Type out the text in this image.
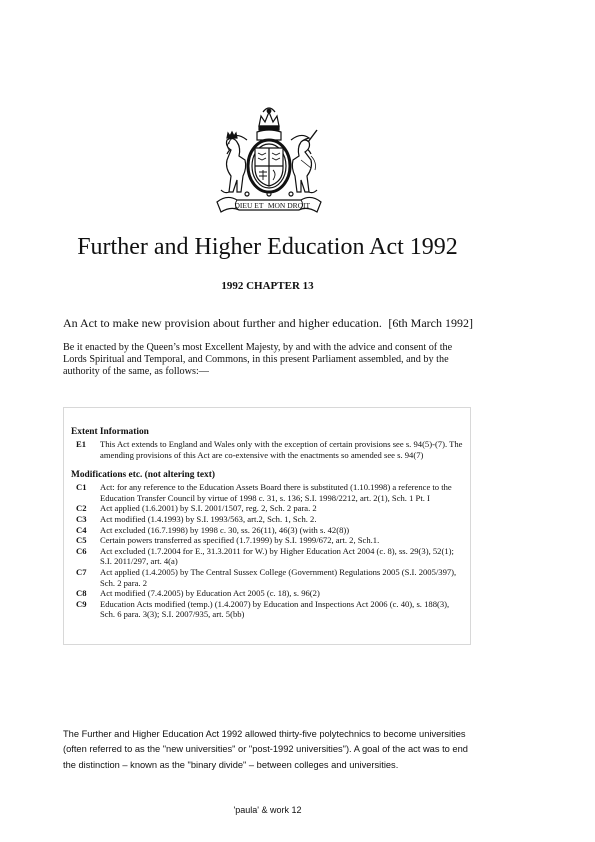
DIEU ET MON DROIT
Further and Higher Education Act 1992
1992 CHAPTER 13
An Act to make new provision about further and higher education. [6th March 1992]
Be it enacted by the Queen’s most Excellent Majesty, by and with the advice and consent of the Lords Spiritual and Temporal, and Commons, in this present Parliament assembled, and by the authority of the same, as follows:—
Extent Information
E1	This Act extends to England and Wales only with the exception of certain provisions see s. 94(5)-(7). The amending provisions of this Act are co-extensive with the enactments so amended see s. 94(7)
Modifications etc. (not altering text)
C1	Act: for any reference to the Education Assets Board there is substituted (1.10.1998) a reference to the Education Transfer Council by virtue of 1998 c. 31, s. 136; S.I. 1998/2212, art. 2(1), Sch. 1 Pt. I
C2	Act applied (1.6.2001) by S.I. 2001/1507, reg. 2, Sch. 2 para. 2
C3	Act modified (1.4.1993) by S.I. 1993/563, art.2, Sch. 1, Sch. 2.
C4	Act excluded (16.7.1998) by 1998 c. 30, ss. 26(11), 46(3) (with s. 42(8))
C5	Certain powers transferred as specified (1.7.1999) by S.I. 1999/672, art. 2, Sch.1.
C6	Act excluded (1.7.2004 for E., 31.3.2011 for W.) by Higher Education Act 2004 (c. 8), ss. 29(3), 52(1); S.I. 2011/297, art. 4(a)
C7	Act applied (1.4.2005) by The Central Sussex College (Government) Regulations 2005 (S.I. 2005/397), Sch. 2 para. 2
C8	Act modified (7.4.2005) by Education Act 2005 (c. 18), s. 96(2)
C9	Education Acts modified (temp.) (1.4.2007) by Education and Inspections Act 2006 (c. 40), s. 188(3), Sch. 6 para. 3(3); S.I. 2007/935, art. 5(bb)
The Further and Higher Education Act 1992 allowed thirty-five polytechnics to become universities (often referred to as the "new universities" or "post-1992 universities"). A goal of the act was to end the distinction – known as the "binary divide" – between colleges and universities.
'paula' & work 12
